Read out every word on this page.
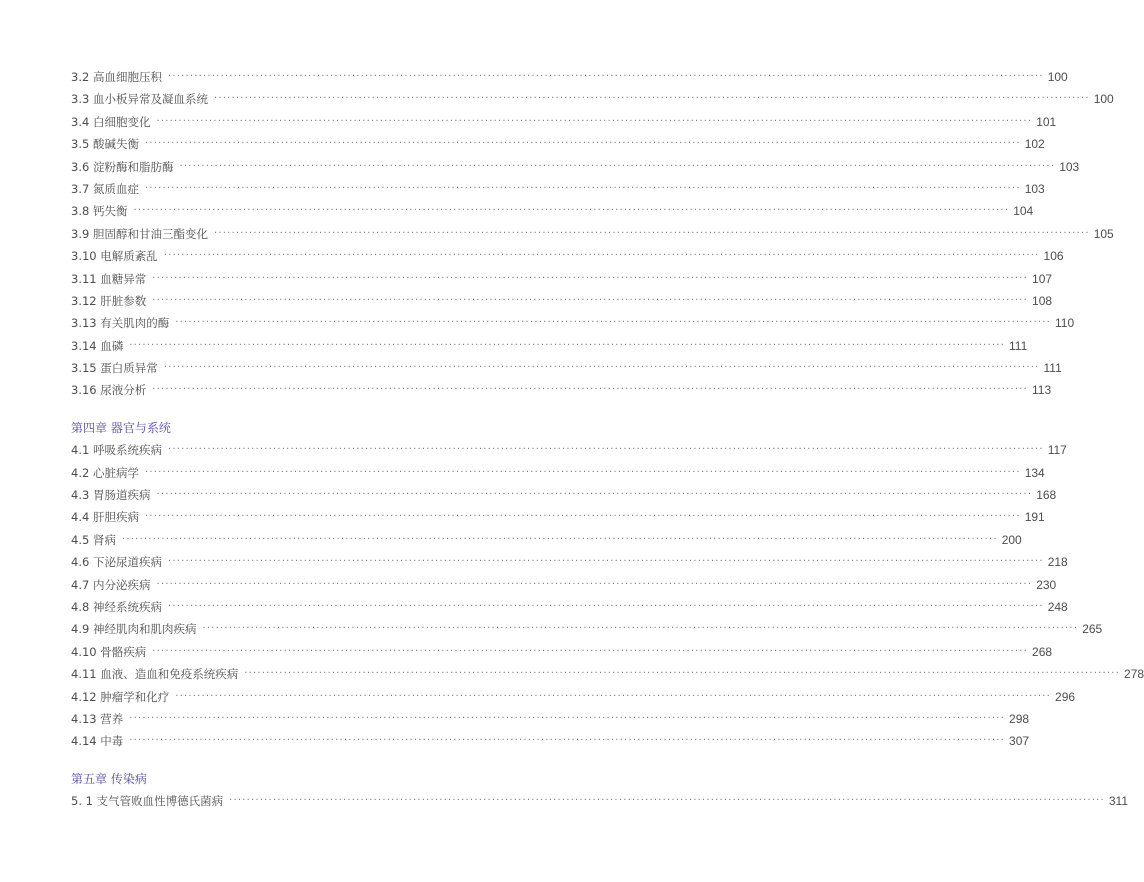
3.2 高血细胞压积 ········································································································································································································ 100
3.3 血小板异常及凝血系统 ········································································································································································································ 100
3.4 白细胞变化 ········································································································································································································ 101
3.5 酸碱失衡 ········································································································································································································ 102
3.6 淀粉酶和脂肪酶 ········································································································································································································ 103
3.7 氮质血症 ········································································································································································································ 103
3.8 钙失衡 ········································································································································································································ 104
3.9 胆固醇和甘油三酯变化 ········································································································································································································ 105
3.10 电解质紊乱 ········································································································································································································ 106
3.11 血糖异常 ········································································································································································································ 107
3.12 肝脏参数 ········································································································································································································ 108
3.13 有关肌肉的酶 ········································································································································································································ 110
3.14 血磷 ········································································································································································································ 111
3.15 蛋白质异常 ········································································································································································································ 111
3.16 尿液分析 ········································································································································································································ 113
第四章 器官与系统
4.1 呼吸系统疾病 ········································································································································································································ 117
4.2 心脏病学 ········································································································································································································ 134
4.3 胃肠道疾病 ········································································································································································································ 168
4.4 肝胆疾病 ········································································································································································································ 191
4.5 肾病 ········································································································································································································ 200
4.6 下泌尿道疾病 ········································································································································································································ 218
4.7 内分泌疾病 ········································································································································································································ 230
4.8 神经系统疾病 ········································································································································································································ 248
4.9 神经肌肉和肌肉疾病 ········································································································································································································ 265
4.10 骨骼疾病 ········································································································································································································ 268
4.11 血液、造血和免疫系统疾病 ········································································································································································································ 278
4.12 肿瘤学和化疗 ········································································································································································································ 296
4.13 营养 ········································································································································································································ 298
4.14 中毒 ········································································································································································································ 307
第五章 传染病
5. 1 支气管败血性博德氏菌病 ········································································································································································································ 311
